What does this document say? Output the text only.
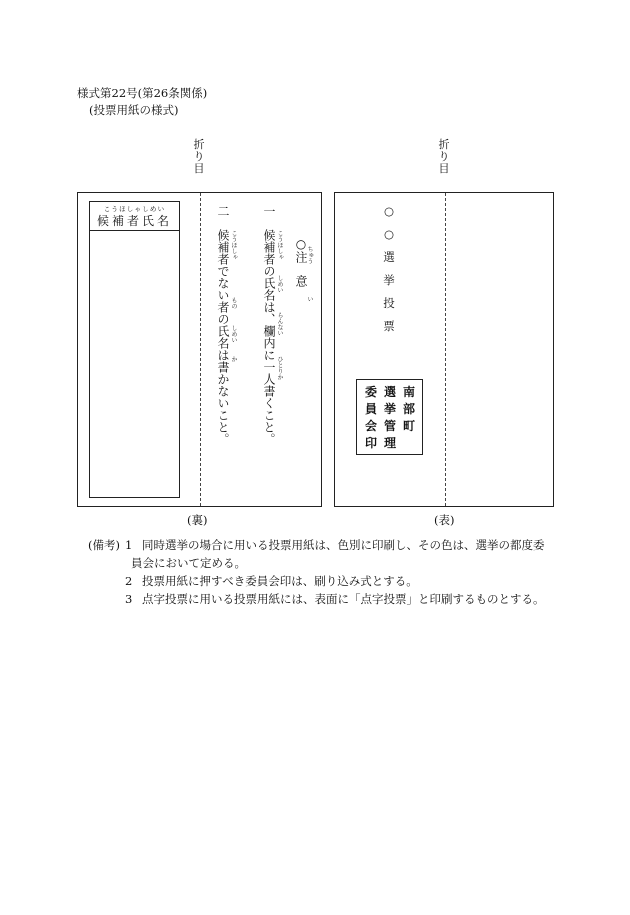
様式第22号(第26条関係)
(投票用紙の様式)
折
り
目
折
り
目
こうほしゃしめい
候補者氏名
○注　意
ちゅう
い
一　候補者の氏名は、欄内に一人書くこと。 こうほしゃ
しめい
らんない
ひとりか
二　候補者でない者の氏名は書かないこと。 こうほしゃ
もの
しめい
か
○
○
選
挙
投
票
南
部
町
選
挙
管
理
委
員
会
印
(裏)	(表)
(備考) 1 同時選挙の場合に用いる投票用紙は、色別に印刷し、その色は、選挙の都度委
員会において定める。
2 投票用紙に押すべき委員会印は、刷り込み式とする。
3 点字投票に用いる投票用紙には、表面に「点字投票」と印刷するものとする。
